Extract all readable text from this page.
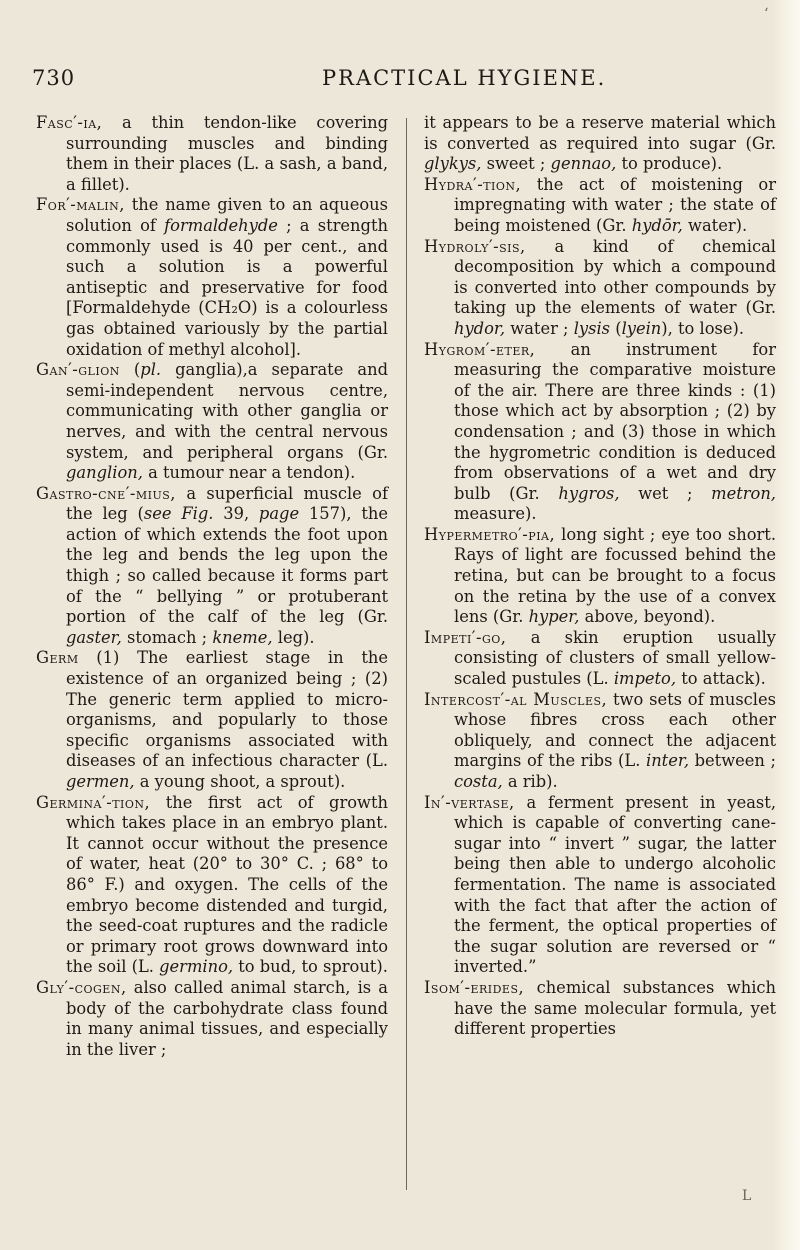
730	PRACTICAL HYGIENE.

Fasc′-ia, a thin tendon-like covering surrounding muscles and binding them in their places (L. a sash, a band, a fillet).

For′-malin, the name given to an aqueous solution of formaldehyde ; a strength commonly used is 40 per cent., and such a solution is a powerful antiseptic and preservative for food [Formaldehyde (CH₂O) is a colourless gas obtained variously by the partial oxidation of methyl alcohol].

Gan′-glion (pl. ganglia),a separate and semi-independent nervous centre, communicating with other ganglia or nerves, and with the central nervous system, and peripheral organs (Gr. ganglion, a tumour near a tendon).

Gastro-cne′-mius, a superficial muscle of the leg (see Fig. 39, page 157), the action of which extends the foot upon the leg and bends the leg upon the thigh ; so called because it forms part of the “ bellying ” or protuberant portion of the calf of the leg (Gr. gaster, stomach ; kneme, leg).

Germ (1) The earliest stage in the existence of an organized being ; (2) The generic term applied to micro-organisms, and popularly to those specific organisms associated with diseases of an infectious character (L. germen, a young shoot, a sprout).

Germina′-tion, the first act of growth which takes place in an embryo plant. It cannot occur without the presence of water, heat (20° to 30° C. ; 68° to 86° F.) and oxygen. The cells of the embryo become distended and turgid, the seed-coat ruptures and the radicle or primary root grows downward into the soil (L. germino, to bud, to sprout).

Gly′-cogen, also called animal starch, is a body of the carbohydrate class found in many animal tissues, and especially in the liver ;

it appears to be a reserve material which is converted as required into sugar (Gr. glykys, sweet ; gennao, to produce).

Hydra′-tion, the act of moistening or impregnating with water ; the state of being moistened (Gr. hydōr, water).

Hydroly′-sis, a kind of chemical decomposition by which a compound is converted into other compounds by taking up the elements of water (Gr. hydor, water ; lysis (lyein), to lose).

Hygrom′-eter, an instrument for measuring the comparative moisture of the air. There are three kinds : (1) those which act by absorption ; (2) by condensation ; and (3) those in which the hygrometric condition is deduced from observations of a wet and dry bulb (Gr. hygros, wet ; metron, measure).

Hypermetro′-pia, long sight ; eye too short. Rays of light are focussed behind the retina, but can be brought to a focus on the retina by the use of a convex lens (Gr. hyper, above, beyond).

Impeti′-go, a skin eruption usually consisting of clusters of small yellow-scaled pustules (L. impeto, to attack).

Intercost′-al Muscles, two sets of muscles whose fibres cross each other obliquely, and connect the adjacent margins of the ribs (L. inter, between ; costa, a rib).

In′-vertase, a ferment present in yeast, which is capable of converting cane-sugar into “ invert ” sugar, the latter being then able to undergo alcoholic fermentation. The name is associated with the fact that after the action of the ferment, the optical properties of the sugar solution are reversed or “ inverted.”

Isom′-erides, chemical substances which have the same molecular formula, yet different properties

‘
L
